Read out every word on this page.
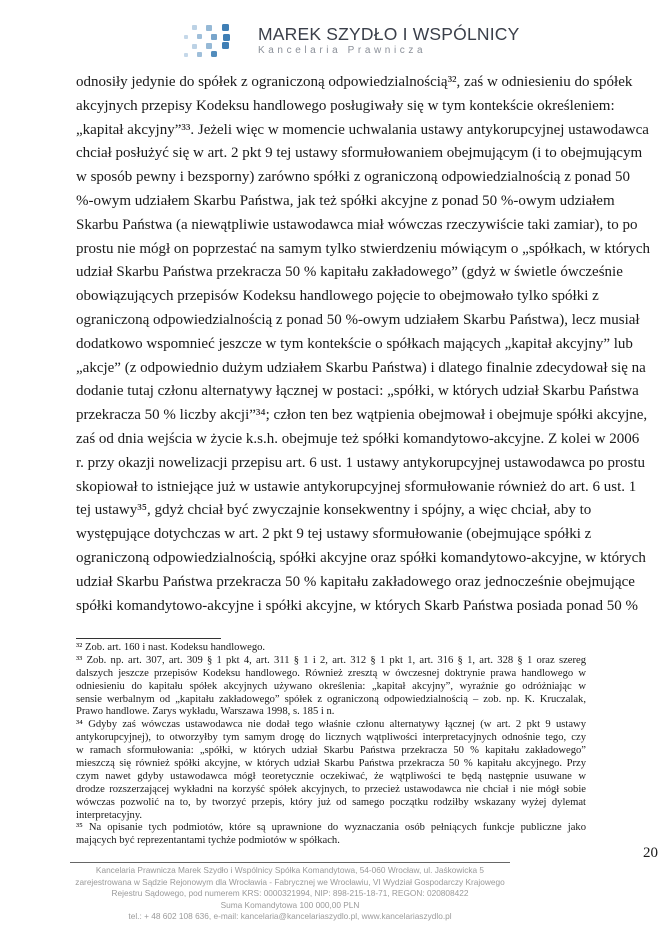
MAREK SZYDŁO I WSPÓLNICY
Kancelaria Prawnicza
odnosiły jedynie do spółek z ograniczoną odpowiedzialnością³², zaś w odniesieniu do spółek
akcyjnych przepisy Kodeksu handlowego posługiwały się w tym kontekście określeniem:
„kapitał akcyjny”³³. Jeżeli więc w momencie uchwalania ustawy antykorupcyjnej ustawodawca
chciał posłużyć się w art. 2 pkt 9 tej ustawy sformułowaniem obejmującym (i to obejmującym
w sposób pewny i bezsporny) zarówno spółki z ograniczoną odpowiedzialnością z ponad 50
%-owym udziałem Skarbu Państwa, jak też spółki akcyjne z ponad 50 %-owym udziałem
Skarbu Państwa (a niewątpliwie ustawodawca miał wówczas rzeczywiście taki zamiar), to po
prostu nie mógł on poprzestać na samym tylko stwierdzeniu mówiącym o „spółkach, w których
udział Skarbu Państwa przekracza 50 % kapitału zakładowego” (gdyż w świetle ówcześnie
obowiązujących przepisów Kodeksu handlowego pojęcie to obejmowało tylko spółki z
ograniczoną odpowiedzialnością z ponad 50 %-owym udziałem Skarbu Państwa), lecz musiał
dodatkowo wspomnieć jeszcze w tym kontekście o spółkach mających „kapitał akcyjny” lub
„akcje” (z odpowiednio dużym udziałem Skarbu Państwa) i dlatego finalnie zdecydował się na
dodanie tutaj członu alternatywy łącznej w postaci: „spółki, w których udział Skarbu Państwa
przekracza 50 % liczby akcji”³⁴; człon ten bez wątpienia obejmował i obejmuje spółki akcyjne,
zaś od dnia wejścia w życie k.s.h. obejmuje też spółki komandytowo-akcyjne. Z kolei w 2006
r. przy okazji nowelizacji przepisu art. 6 ust. 1 ustawy antykorupcyjnej ustawodawca po prostu
skopiował to istniejące już w ustawie antykorupcyjnej sformułowanie również do art. 6 ust. 1
tej ustawy³⁵, gdyż chciał być zwyczajnie konsekwentny i spójny, a więc chciał, aby to
występujące dotychczas w art. 2 pkt 9 tej ustawy sformułowanie (obejmujące spółki z
ograniczoną odpowiedzialnością, spółki akcyjne oraz spółki komandytowo-akcyjne, w których
udział Skarbu Państwa przekracza 50 % kapitału zakładowego oraz jednocześnie obejmujące
spółki komandytowo-akcyjne i spółki akcyjne, w których Skarb Państwa posiada ponad 50 %
³² Zob. art. 160 i nast. Kodeksu handlowego.
³³ Zob. np. art. 307, art. 309 § 1 pkt 4, art. 311 § 1 i 2, art. 312 § 1 pkt 1, art. 316 § 1, art. 328 § 1 oraz szereg
dalszych jeszcze przepisów Kodeksu handlowego. Również zresztą w ówczesnej doktrynie prawa handlowego w
odniesieniu do kapitału spółek akcyjnych używano określenia: „kapitał akcyjny”, wyraźnie go odróżniając w
sensie werbalnym od „kapitału zakładowego” spółek z ograniczoną odpowiedzialnością – zob. np. K. Kruczalak,
Prawo handlowe. Zarys wykładu, Warszawa 1998, s. 185 i n.
³⁴ Gdyby zaś wówczas ustawodawca nie dodał tego właśnie członu alternatywy łącznej (w art. 2 pkt 9 ustawy
antykorupcyjnej), to otworzyłby tym samym drogę do licznych wątpliwości interpretacyjnych odnośnie tego, czy
w ramach sformułowania: „spółki, w których udział Skarbu Państwa przekracza 50 % kapitału zakładowego”
mieszczą się również spółki akcyjne, w których udział Skarbu Państwa przekracza 50 % kapitału akcyjnego. Przy
czym nawet gdyby ustawodawca mógł teoretycznie oczekiwać, że wątpliwości te będą następnie usuwane w
drodze rozszerzającej wykładni na korzyść spółek akcyjnych, to przecież ustawodawca nie chciał i nie mógł sobie
wówczas pozwolić na to, by tworzyć przepis, który już od samego początku rodziłby wskazany wyżej dylemat
interpretacyjny.
³⁵ Na opisanie tych podmiotów, które są uprawnione do wyznaczania osób pełniących funkcje publiczne jako
mających być reprezentantami tychże podmiotów w spółkach.
20
Kancelaria Prawnicza Marek Szydło i Wspólnicy Spółka Komandytowa, 54-060 Wrocław, ul. Jaśkowicka 5
zarejestrowana w Sądzie Rejonowym dla Wrocławia - Fabrycznej we Wrocławiu, VI Wydział Gospodarczy Krajowego
Rejestru Sądowego, pod numerem KRS: 0000321994, NIP: 898-215-18-71, REGON: 020808422
Suma Komandytowa 100 000,00 PLN
tel.: + 48 602 108 636, e-mail: kancelaria@kancelariaszydlo.pl, www.kancelariaszydlo.pl
